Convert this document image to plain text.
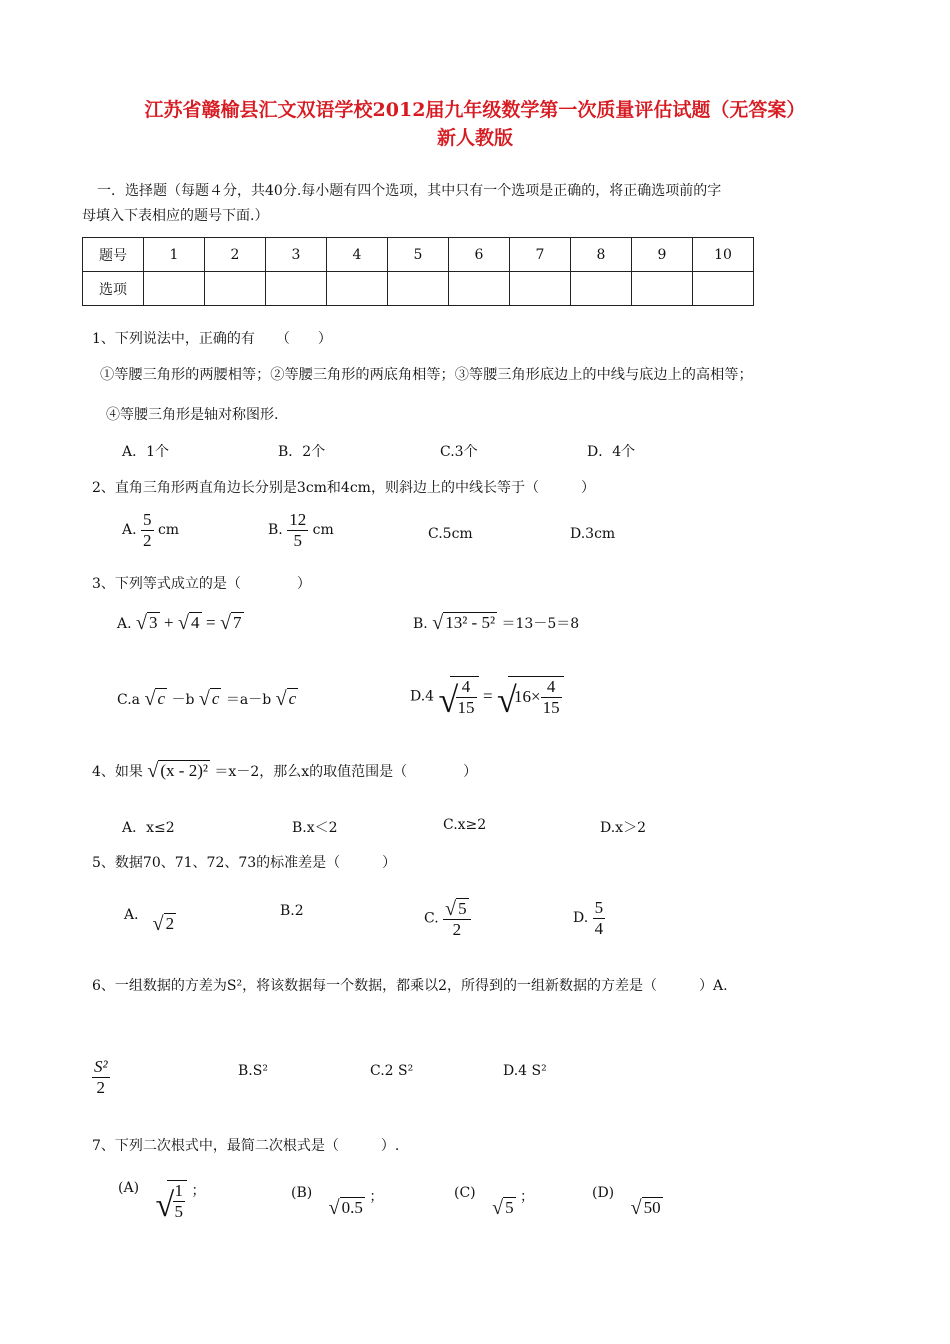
江苏省赣榆县汇文双语学校2012届九年级数学第一次质量评估试题（无答案）
新人教版
一．选择题（每题４分，共40分.每小题有四个选项，其中只有一个选项是正确的，将正确选项前的字
母填入下表相应的题号下面.）
题号	1	2	3	4	5	6	7	8	9	10
选项										
1、下列说法中，正确的有　　（　　）
①等腰三角形的两腰相等；②等腰三角形的两底角相等；③等腰三角形底边上的中线与底边上的高相等；
④等腰三角形是轴对称图形.
A．1个	B．2个	C.3个	D．4个
2、直角三角形两直角边长分别是3cm和4cm，则斜边上的中线长等于（　　　）
A. $\frac{5}{2}$ cm	B. $\frac{12}{5}$ cm	C.5cm	D.3cm
3、下列等式成立的是（　　　　）
A. √ 3 + √ 4 = √ 7	B. √ 13² - 5² ＝13－5＝8
C.a √ c －b √ c ＝a－b √ c	D.4 √
$\frac{4}{15}$ = √
$16\times \frac{4}{15}$
4、如果 √ (x - 2)² ＝x－2，那么x的取值范围是（　　　　）
A．x≤2	B.x＜2	C.x≥2	D.x＞2
5、数据70、71、72、73的标准差是（　　　）
A． √ 2
B.2	C. $\frac{√ 5}{2}$	D. $\frac{5}{4}$
6、一组数据的方差为S²，将该数据每一个数据，都乘以2，所得到的一组新数据的方差是（　　　）A.
$\frac{\text{S²}}{2}$	B.S²	C.2 S²	D.4 S²
7、下列二次根式中，最简二次根式是（　　　）.
(A) √
$\frac{1}{5}$ ；	(B)
√ 0.5 ；	(C)
√ 5 ；	(D)
√ 50
